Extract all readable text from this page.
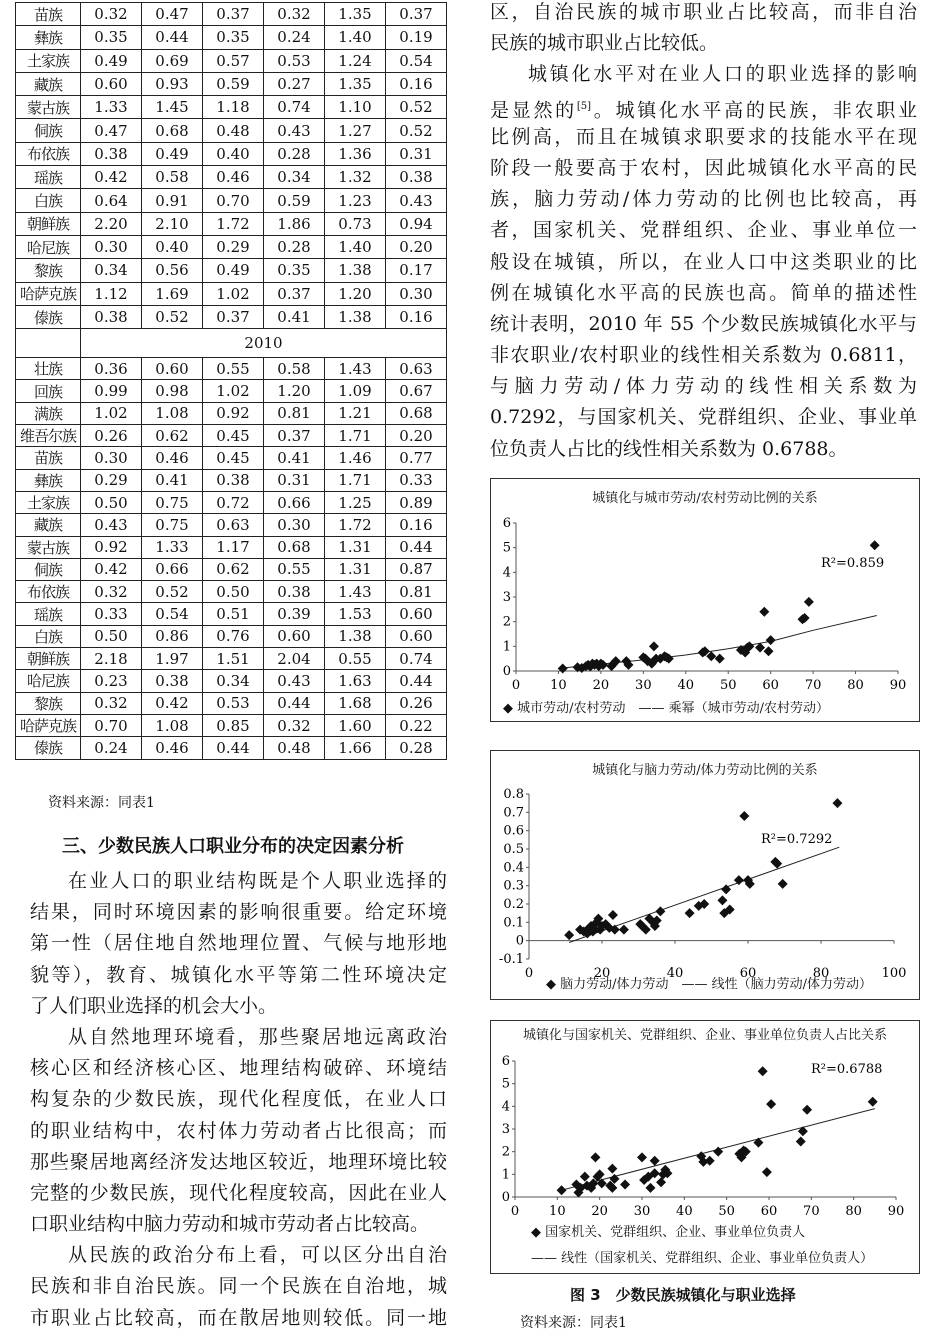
苗族	0.32	0.47	0.37	0.32	1.35	0.37
彝族	0.35	0.44	0.35	0.24	1.40	0.19
土家族	0.49	0.69	0.57	0.53	1.24	0.54
藏族	0.60	0.93	0.59	0.27	1.35	0.16
蒙古族	1.33	1.45	1.18	0.74	1.10	0.52
侗族	0.47	0.68	0.48	0.43	1.27	0.52
布依族	0.38	0.49	0.40	0.28	1.36	0.31
瑶族	0.42	0.58	0.46	0.34	1.32	0.38
白族	0.64	0.91	0.70	0.59	1.23	0.43
朝鲜族	2.20	2.10	1.72	1.86	0.73	0.94
哈尼族	0.30	0.40	0.29	0.28	1.40	0.20
黎族	0.34	0.56	0.49	0.35	1.38	0.17
哈萨克族	1.12	1.69	1.02	0.37	1.20	0.30
傣族	0.38	0.52	0.37	0.41	1.38	0.16
	2010					
壮族	0.36	0.60	0.55	0.58	1.43	0.63
回族	0.99	0.98	1.02	1.20	1.09	0.67
满族	1.02	1.08	0.92	0.81	1.21	0.68
维吾尔族	0.26	0.62	0.45	0.37	1.71	0.20
苗族	0.30	0.46	0.45	0.41	1.46	0.77
彝族	0.29	0.41	0.38	0.31	1.71	0.33
土家族	0.50	0.75	0.72	0.66	1.25	0.89
藏族	0.43	0.75	0.63	0.30	1.72	0.16
蒙古族	0.92	1.33	1.17	0.68	1.31	0.44
侗族	0.42	0.66	0.62	0.55	1.31	0.87
布依族	0.32	0.52	0.50	0.38	1.43	0.81
瑶族	0.33	0.54	0.51	0.39	1.53	0.60
白族	0.50	0.86	0.76	0.60	1.38	0.60
朝鲜族	2.18	1.97	1.51	2.04	0.55	0.74
哈尼族	0.23	0.38	0.34	0.43	1.63	0.44
黎族	0.32	0.42	0.53	0.44	1.68	0.26
哈萨克族	0.70	1.08	0.85	0.32	1.60	0.22
傣族	0.24	0.46	0.44	0.48	1.66	0.28
资料来源：同表1
三、少数民族人口职业分布的决定因素分析
在业人口的职业结构既是个人职业选择的
结果，同时环境因素的影响很重要。给定环境
第一性（居住地自然地理位置、气候与地形地
貌等），教育、城镇化水平等第二性环境决定
了人们职业选择的机会大小。
从自然地理环境看，那些聚居地远离政治
核心区和经济核心区、地理结构破碎、环境结
构复杂的少数民族，现代化程度低，在业人口
的职业结构中，农村体力劳动者占比很高；而
那些聚居地离经济发达地区较近，地理环境比较
完整的少数民族，现代化程度较高，因此在业人
口职业结构中脑力劳动和城市劳动者占比较高。
从民族的政治分布上看，可以区分出自治
民族和非自治民族。同一个民族在自治地，城
市职业占比较高，而在散居地则较低。同一地
区，自治民族的城市职业占比较高，而非自治
民族的城市职业占比较低。
城镇化水平对在业人口的职业选择的影响
是显然的[5]。城镇化水平高的民族，非农职业
比例高，而且在城镇求职要求的技能水平在现
阶段一般要高于农村，因此城镇化水平高的民
族，脑力劳动/体力劳动的比例也比较高，再
者，国家机关、党群组织、企业、事业单位一
般设在城镇，所以，在业人口中这类职业的比
例在城镇化水平高的民族也高。简单的描述性
统计表明，2010 年 55 个少数民族城镇化水平与
非农职业/农村职业的线性相关系数为 0.6811，
与脑力劳动/体力劳动的线性相关系数为
0.7292，与国家机关、党群组织、企业、事业单
位负责人占比的线性相关系数为 0.6788。
城镇化与城市劳动/农村劳动比例的关系
0 10 20 30 40 50 60 70 80 90
0
1
2
3
4
5
6
R²=0.859
◆ 城市劳动/农村劳动　—— 乘幂（城市劳动/农村劳动）
城镇化与脑力劳动/体力劳动比例的关系
0	20	40	60	80	100
-0.1
0
0.1
0.2
0.3
0.4
0.5
0.6
0.7
0.8
R²=0.7292
◆ 脑力劳动/体力劳动　—— 线性（脑力劳动/体力劳动）
城镇化与国家机关、党群组织、企业、事业单位负责人占比关系
0 10 20 30 40 50 60 70 80 90
0
1
2
3
4
5
6
R²=0.6788
◆ 国家机关、党群组织、企业、事业单位负责人
—— 线性（国家机关、党群组织、企业、事业单位负责人）
图 3　少数民族城镇化与职业选择
资料来源：同表1
